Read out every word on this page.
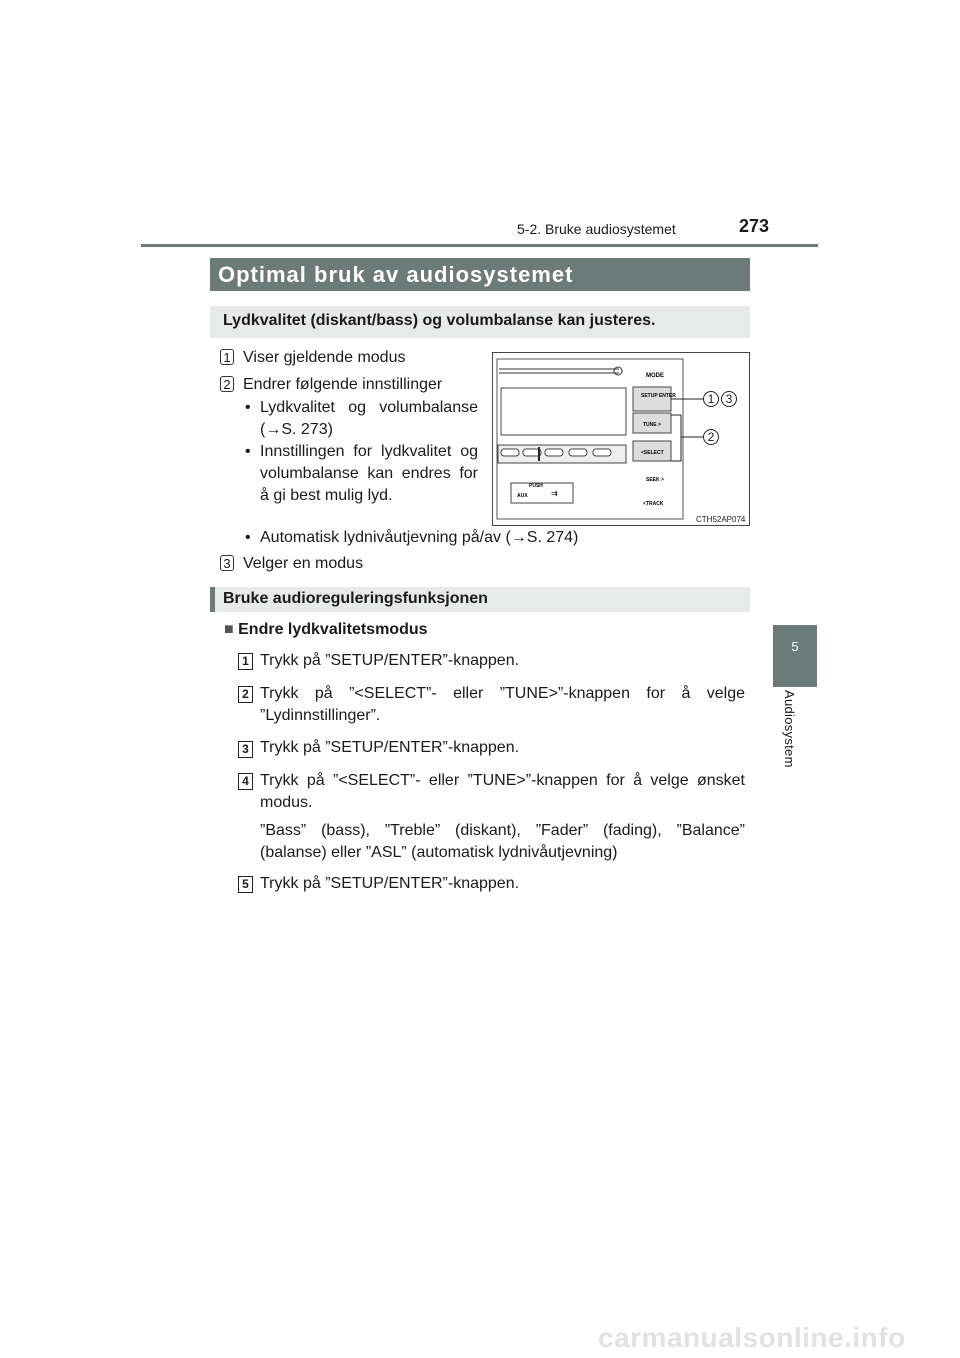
5-2. Bruke audiosystemet	273
5
Audiosystem
Optimal bruk av audiosystemet
Lydkvalitet (diskant/bass) og volumbalanse kan justeres.
1 Viser gjeldende modus
2 Endrer følgende innstillinger
• Lydkvalitet og volumbalanse (→S. 273)
• Innstillingen for lydkvalitet og volumbalanse kan endres for å gi best mulig lyd.
• Automatisk lydnivåutjevning på/av (→S. 274)
3 Velger en modus
PUSH
AUX	⇉
MODE
SETUP ENTER
TUNE >
<SELECT
SEEK >
<TRACK
1 3
2
CTH52AP074
Bruke audioreguleringsfunksjonen
■ Endre lydkvalitetsmodus
1 Trykk på ”SETUP/ENTER”-knappen.
2 Trykk på ”<SELECT”- eller ”TUNE>”-knappen for å velge ”Lydinnstillinger”.
3 Trykk på ”SETUP/ENTER”-knappen.
4 Trykk på ”<SELECT”- eller ”TUNE>”-knappen for å velge ønsket modus.
”Bass” (bass), ”Treble” (diskant), ”Fader” (fading), ”Balance” (balanse) eller ”ASL” (automatisk lydnivåutjevning)
5 Trykk på ”SETUP/ENTER”-knappen.
carmanualsonline.info
